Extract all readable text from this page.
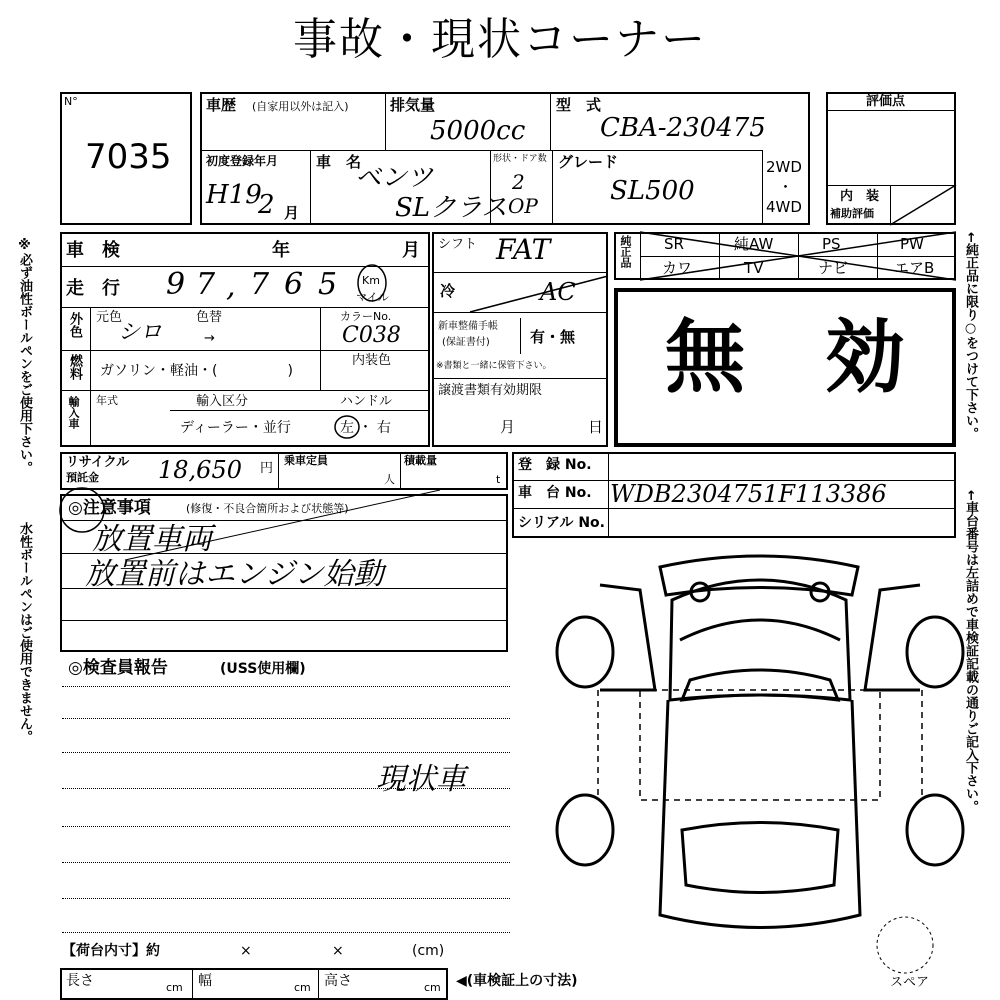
事故・現状コーナー
N°
7035
車歴 (自家用以外は記入)	排気量
5000cc
型　式
CBA-230475
初度登録年月
H19
2 月
車　名
ベンツ
SLクラス
形状・ドア数
2
OP
グレード
SL500
2WD
・
4WD
評価点
内　装
補助評価
車　検	年	月
走　行 9 7 , 7 6 5 Km
マイル
外色 元色
シロ
色替
→
カラーNo.
C038
燃料 ガソリン・軽油・(　　　　　)
内装色
輸入車 年式	輸入区分
ディーラー・並行
ハンドル
左 ・ 右
シフト FAT
冷	AC
新車整備手帳
(保証書付)	有・無
※書類と一緒に保管下さい。
譲渡書類有効期限
月	日
純正品 SR	純AW	PS	PW
カワ	TV	ナビ	エアB
無　効
リサイクル
預託金 18,650 円
乗車定員
人
積載量
t
登　録 No.
車　台 No. WDB2304751F113386
シリアル No.
◎注意事項	(修復・不良合箇所および状態等)
放置車両
放置前はエンジン始動
◎検査員報告	(USS使用欄)
現状車
【荷台内寸】約	×	×	(cm)
長さ	cm 幅	cm 高さ	cm ◀(車検証上の寸法)	スペア
※必ず油性ボールペンをご使用下さい。
水性ボールペンはご使用できません。
←純正品に限り○をつけて下さい。
←車台番号は左詰めで車検証記載の通りご記入下さい。
